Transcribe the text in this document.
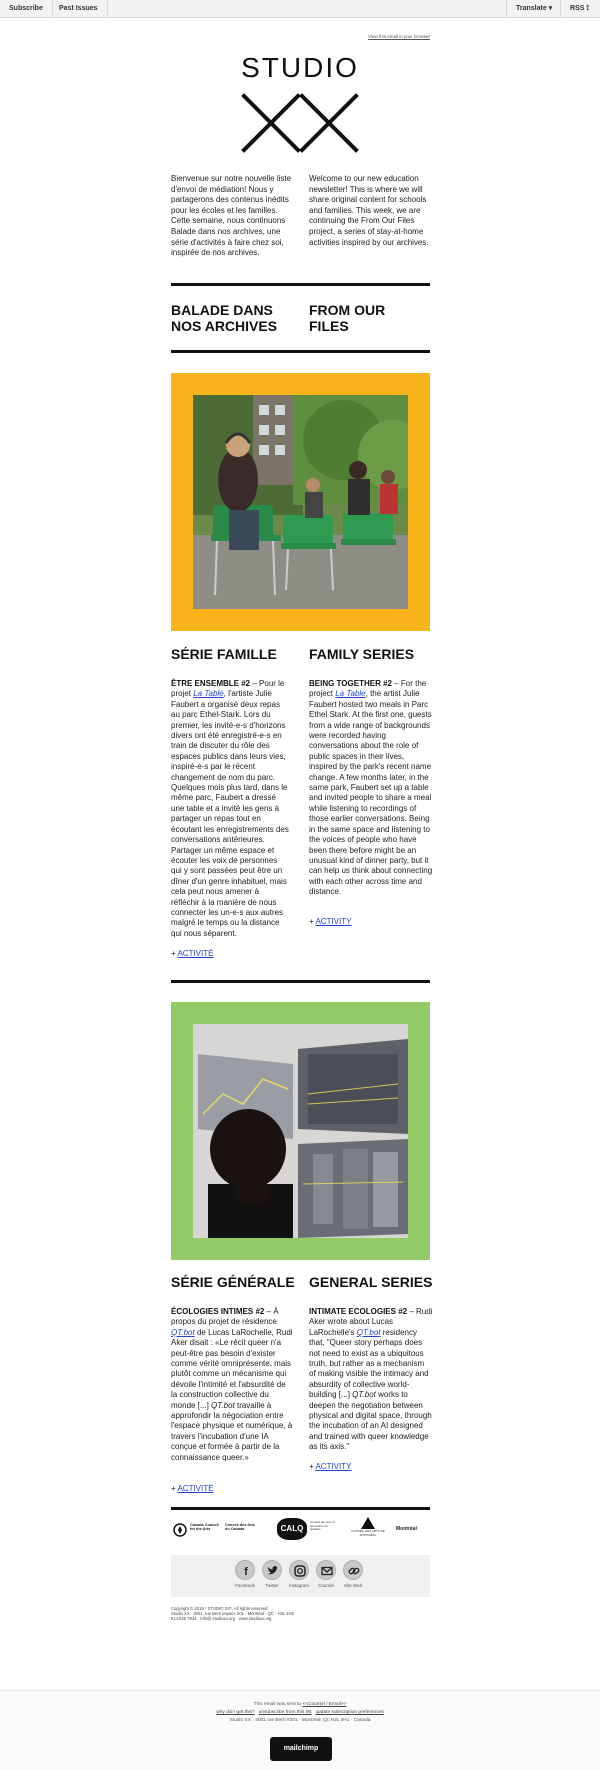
Subscribe	Past Issues	Translate ▾	RSS ⟟
View this email in your browser
STUDIO
Bienvenue sur notre nouvelle liste d'envoi de médiation! Nous y partagerons des contenus inédits pour les écoles et les familles. Cette semaine, nous continuons Balade dans nos archives, une série d'activités à faire chez soi, inspirée de nos archives.
Welcome to our new education newsletter! This is where we will share original content for schools and families. This week, we are continuing the From Our Files project, a series of stay-at-home activities inspired by our archives.
BALADE DANS NOS ARCHIVES
FROM OUR FILES
SÉRIE FAMILLE	FAMILY SERIES
ÊTRE ENSEMBLE #2 – Pour le projet La Table, l'artiste Julie Faubert a organisé deux repas au parc Ethel-Stark. Lors du premier, les invité-e-s d'horizons divers ont été enregistré-e-s en train de discuter du rôle des espaces publics dans leurs vies, inspiré-e-s par le récent changement de nom du parc. Quelques mois plus tard, dans le même parc, Faubert a dressé une table et a invité les gens à partager un repas tout en écoutant les enregistrements des conversations antérieures. Partager un même espace et écouter les voix de personnes qui y sont passées peut être un dîner d'un genre inhabituel, mais cela peut nous amener à réfléchir à la manière de nous connecter les un-e-s aux autres malgré le temps ou la distance qui nous séparent.
+ ACTIVITÉ
BEING TOGETHER #2 – For the project La Table, the artist Julie Faubert hosted two meals in Parc Ethel Stark. At the first one, guests from a wide range of backgrounds were recorded having conversations about the role of public spaces in their lives, inspired by the park's recent name change. A few months later, in the same park, Faubert set up a table and invited people to share a meal while listening to recordings of those earlier conversations. Being in the same space and listening to the voices of people who have been there before might be an unusual kind of dinner party, but it can help us think about connecting with each other across time and distance.
+ ACTIVITY
SÉRIE GÉNÉRALE GENERAL SERIES
ÉCOLOGIES INTIMES #2 – À propos du projet de résidence QT.bot de Lucas LaRochelle, Rudi Aker disait : «Le récit queer n'a peut-être pas besoin d'exister comme vérité omniprésente, mais plutôt comme un mécanisme qui dévoile l'intimité et l'absurdité de la construction collective du monde [...] QT.bot travaille à approfondir la négociation entre l'espace physique et numérique, à travers l'incubation d'une IA conçue et formée à partir de la connaissance queer.»
+ ACTIVITÉ
INTIMATE ECOLOGIES #2 – Rudi Aker wrote about Lucas LaRochelle's QT.bot residency that, "Queer story perhaps does not need to exist as a ubiquitous truth, but rather as a mechanism of making visible the intimacy and absurdity of collective world-building [...] QT.bot works to deepen the negotiation between physical and digital space, through the incubation of an AI designed and trained with queer knowledge as its axis."
+ ACTIVITY
Canada Council for the Arts
Conseil des Arts du Canada	CALQ
Conseil des arts et des lettres du Québec	CONSEIL DES ARTS DE MONTRÉAL
Montréal
f
Facebook	Twitter	Instagram	Courriel	Site Web
Copyright © 2019 * STUDIO XX*, All rights reserved.
Studio XX · 4001, rue Berri espace 201 · Montréal · QC · H2L 4H2
514 845 7934 · info@ studioxx.org · www.studioxx.org
This email was sent to <<Courriel / Email>>
why did I get this? unsubscribe from this list update subscription preferences
Studio XX · 4001 rue Berri #201 · Montréal, Qc H2L 4H1 · Canada
mailchimp
